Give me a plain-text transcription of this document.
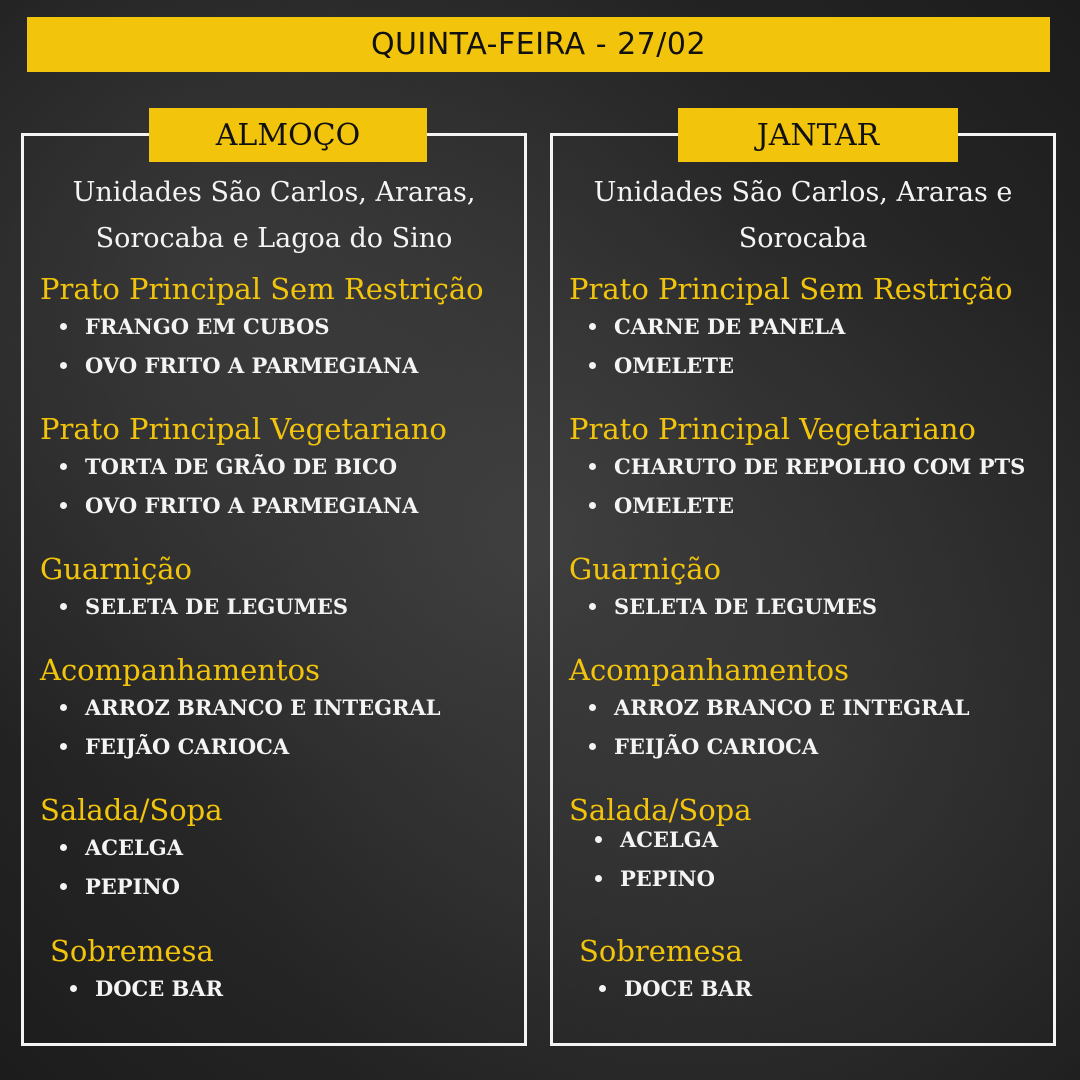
QUINTA-FEIRA - 27/02
ALMOÇO
Unidades São Carlos, Araras,
Sorocaba e Lagoa do Sino
Prato Principal Sem Restrição
FRANGO EM CUBOS
OVO FRITO A PARMEGIANA
Prato Principal Vegetariano
TORTA DE GRÃO DE BICO
OVO FRITO A PARMEGIANA
Guarnição
SELETA DE LEGUMES
Acompanhamentos
ARROZ BRANCO E INTEGRAL
FEIJÃO CARIOCA
Salada/Sopa
ACELGA
PEPINO
Sobremesa
DOCE BAR
JANTAR
Unidades São Carlos, Araras e
Sorocaba
Prato Principal Sem Restrição
CARNE DE PANELA
OMELETE
Prato Principal Vegetariano
CHARUTO DE REPOLHO COM PTS
OMELETE
Guarnição
SELETA DE LEGUMES
Acompanhamentos
ARROZ BRANCO E INTEGRAL
FEIJÃO CARIOCA
Salada/Sopa
ACELGA
PEPINO
Sobremesa
DOCE BAR
